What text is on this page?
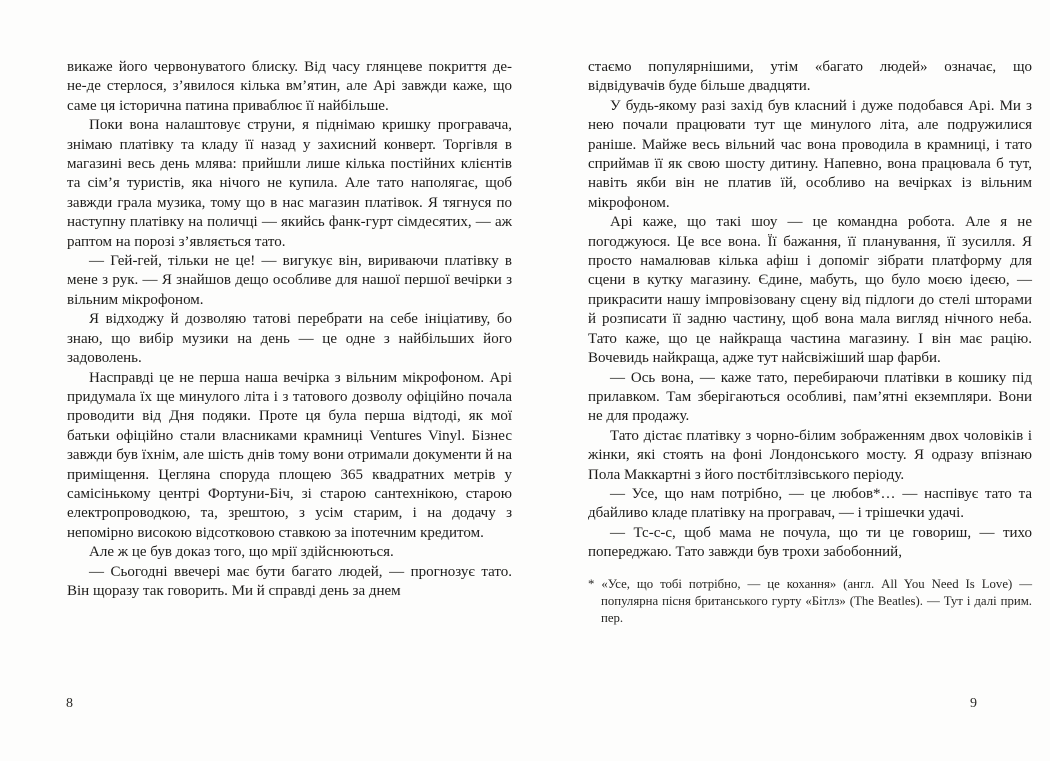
викаже його червонуватого блиску. Від часу глянцеве покриття де-не-де стерлося, з’явилося кілька вм’ятин, але Арі завжди каже, що саме ця історична патина приваблює її найбільше.

Поки вона налаштовує струни, я піднімаю кришку програвача, знімаю платівку та кладу її назад у захисний конверт. Торгівля в магазині весь день млява: прийшли лише кілька постійних клієнтів та сім’я туристів, яка нічого не купила. Але тато наполягає, щоб завжди грала музика, тому що в нас магазин платівок. Я тягнуся по наступну платівку на поличці — якийсь фанк-гурт сімдесятих, — аж раптом на порозі з’являється тато.

— Гей-гей, тільки не це! — вигукує він, вириваючи платівку в мене з рук. — Я знайшов дещо особливе для нашої першої вечірки з вільним мікрофоном.

Я відходжу й дозволяю татові перебрати на себе ініціативу, бо знаю, що вибір музики на день — це одне з найбільших його задоволень.

Насправді це не перша наша вечірка з вільним мікрофоном. Арі придумала їх ще минулого літа і з татового дозволу офіційно почала проводити від Дня подяки. Проте ця була перша відтоді, як мої батьки офіційно стали власниками крамниці Ventures Vinyl. Бізнес завжди був їхнім, але шість днів тому вони отримали документи й на приміщення. Цегляна споруда площею 365 квадратних метрів у самісінькому центрі Фортуни-Біч, зі старою сантехнікою, старою електропроводкою, та, зрештою, з усім старим, і на додачу з непомірно високою відсотковою ставкою за іпотечним кредитом.

Але ж це був доказ того, що мрії здійснюються.

— Сьогодні ввечері має бути багато людей, — прогнозує тато. Він щоразу так говорить. Ми й справді день за днем

стаємо популярнішими, утім «багато людей» означає, що відвідувачів буде більше двадцяти.

У будь-якому разі захід був класний і дуже подобався Арі. Ми з нею почали працювати тут ще минулого літа, але подружилися раніше. Майже весь вільний час вона проводила в крамниці, і тато сприймав її як свою шосту дитину. Напевно, вона працювала б тут, навіть якби він не платив їй, особливо на вечірках із вільним мікрофоном.

Арі каже, що такі шоу — це командна робота. Але я не погоджуюся. Це все вона. Її бажання, її планування, її зусилля. Я просто намалював кілька афіш і допоміг зібрати платформу для сцени в кутку магазину. Єдине, мабуть, що було моєю ідеєю, — прикрасити нашу імпровізовану сцену від підлоги до стелі шторами й розписати її задню частину, щоб вона мала вигляд нічного неба. Тато каже, що це найкраща частина магазину. І він має рацію. Вочевидь найкраща, адже тут найсвіжіший шар фарби.

— Ось вона, — каже тато, перебираючи платівки в кошику під прилавком. Там зберігаються особливі, пам’ятні екземпляри. Вони не для продажу.

Тато дістає платівку з чорно-білим зображенням двох чоловіків і жінки, які стоять на фоні Лондонського мосту. Я одразу впізнаю Пола Маккартні з його постбітлзівського періоду.

— Усе, що нам потрібно, — це любов*… — наспівує тато та дбайливо кладе платівку на програвач, — і трішечки удачі.

— Тс-с-с, щоб мама не почула, що ти це говориш, — тихо попереджаю. Тато завжди був трохи забобонний,

* «Усе, що тобі потрібно, — це кохання» (англ. All You Need Is Love) — популярна пісня британського гурту «Бітлз» (The Beatles). — Тут і далі прим. пер.
8	9
